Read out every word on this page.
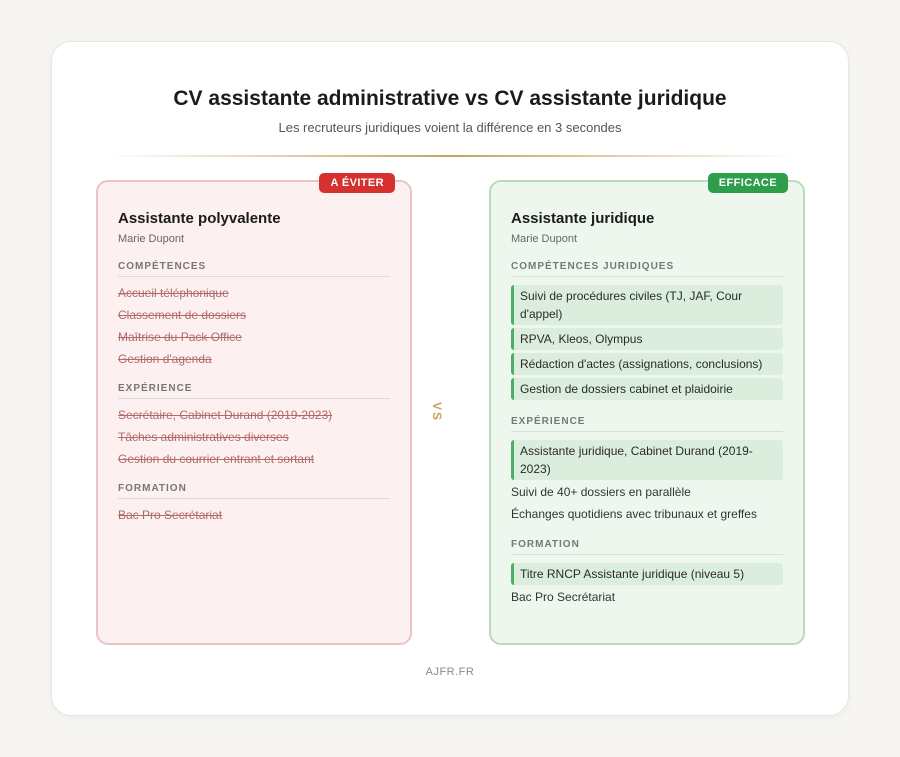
CV assistante administrative vs CV assistante juridique

Les recruteurs juridiques voient la différence en 3 secondes

A ÉVITER
Assistante polyvalente
Marie Dupont
COMPÉTENCES
Accueil téléphonique
Classement de dossiers
Maîtrise du Pack Office
Gestion d'agenda
EXPÉRIENCE
Secrétaire, Cabinet Durand (2019-2023)
Tâches administratives diverses
Gestion du courrier entrant et sortant
FORMATION
Bac Pro Secrétariat
VS
EFFICACE
Assistante juridique
Marie Dupont
COMPÉTENCES JURIDIQUES
Suivi de procédures civiles (TJ, JAF, Cour d'appel)
RPVA, Kleos, Olympus
Rédaction d'actes (assignations, conclusions)
Gestion de dossiers cabinet et plaidoirie
EXPÉRIENCE
Assistante juridique, Cabinet Durand (2019-2023)
Suivi de 40+ dossiers en parallèle
Échanges quotidiens avec tribunaux et greffes
FORMATION
Titre RNCP Assistante juridique (niveau 5)
Bac Pro Secrétariat
AJFR.FR
